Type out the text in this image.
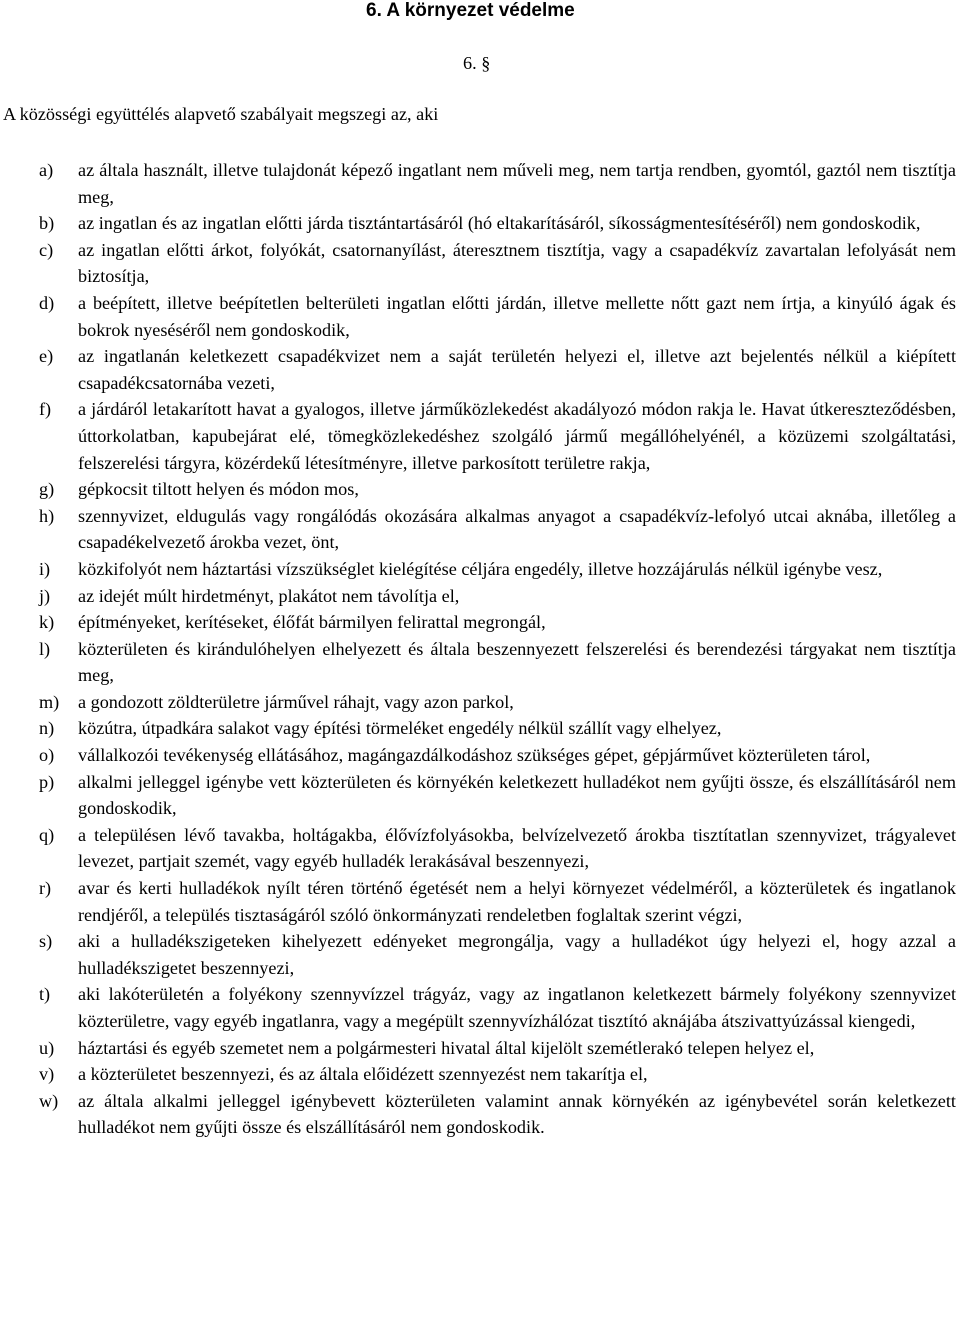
6. A környezet védelme
6. §
A közösségi együttélés alapvető szabályait megszegi az, aki
a)	az általa használt, illetve tulajdonát képező ingatlant nem műveli meg, nem tartja rendben, gyomtól, gaztól nem tisztítja meg,

b)	az ingatlan és az ingatlan előtti járda tisztántartásáról (hó eltakarításáról, síkosságmentesítéséről) nem gondoskodik,

c)	az ingatlan előtti árkot, folyókát, csatornanyílást, áteresztnem tisztítja, vagy a csapadékvíz zavartalan lefolyását nem biztosítja,

d)	a beépített, illetve beépítetlen belterületi ingatlan előtti járdán, illetve mellette nőtt gazt nem írtja, a kinyúló ágak és bokrok nyeséséről nem gondoskodik,

e)	az ingatlanán keletkezett csapadékvizet nem a saját területén helyezi el, illetve azt bejelentés nélkül a kiépített csapadékcsatornába vezeti,

f)	a járdáról letakarított havat a gyalogos, illetve járműközlekedést akadályozó módon rakja le. Havat útkereszteződésben, úttorkolatban, kapubejárat elé, tömegközlekedéshez szolgáló jármű megállóhelyénél, a közüzemi szolgáltatási, felszerelési tárgyra, közérdekű létesítményre, illetve parkosított területre rakja,

g)	gépkocsit tiltott helyen és módon mos,

h)	szennyvizet, eldugulás vagy rongálódás okozására alkalmas anyagot a csapadékvíz-lefolyó utcai aknába, illetőleg a csapadékelvezető árokba vezet, önt,

i)	közkifolyót nem háztartási vízszükséglet kielégítése céljára engedély, illetve hozzájárulás nélkül igénybe vesz,

j)	az idejét múlt hirdetményt, plakátot nem távolítja el,

k)	építményeket, kerítéseket, élőfát bármilyen felirattal megrongál,

l)	közterületen és kirándulóhelyen elhelyezett és általa beszennyezett felszerelési és berendezési tárgyakat nem tisztítja meg,

m)	a gondozott zöldterületre járművel ráhajt, vagy azon parkol,

n)	közútra, útpadkára salakot vagy építési törmeléket engedély nélkül szállít vagy elhelyez,

o)	vállalkozói tevékenység ellátásához, magángazdálkodáshoz szükséges gépet, gépjárművet közterületen tárol,

p)	alkalmi jelleggel igénybe vett közterületen és környékén keletkezett hulladékot nem gyűjti össze, és elszállításáról nem gondoskodik,

q)	a településen lévő tavakba, holtágakba, élővízfolyásokba, belvízelvezető árokba tisztítatlan szennyvizet, trágyalevet levezet, partjait szemét, vagy egyéb hulladék lerakásával beszennyezi,

r)	avar és kerti hulladékok nyílt téren történő égetését nem a helyi környezet védelméről, a közterületek és ingatlanok rendjéről, a település tisztaságáról szóló önkormányzati rendeletben foglaltak szerint végzi,

s)	aki a hulladékszigeteken kihelyezett edényeket megrongálja, vagy a hulladékot úgy helyezi el, hogy azzal a hulladékszigetet beszennyezi,

t)	aki lakóterületén a folyékony szennyvízzel trágyáz, vagy az ingatlanon keletkezett bármely folyékony szennyvizet közterületre, vagy egyéb ingatlanra, vagy a megépült szennyvízhálózat tisztító aknájába átszivattyúzással kiengedi,

u)	háztartási és egyéb szemetet nem a polgármesteri hivatal által kijelölt szemétlerakó telepen helyez el,

v)	a közterületet beszennyezi, és az általa előidézett szennyezést nem takarítja el,

w)	az általa alkalmi jelleggel igénybevett közterületen valamint annak környékén az igénybevétel során keletkezett hulladékot nem gyűjti össze és elszállításáról nem gondoskodik.
